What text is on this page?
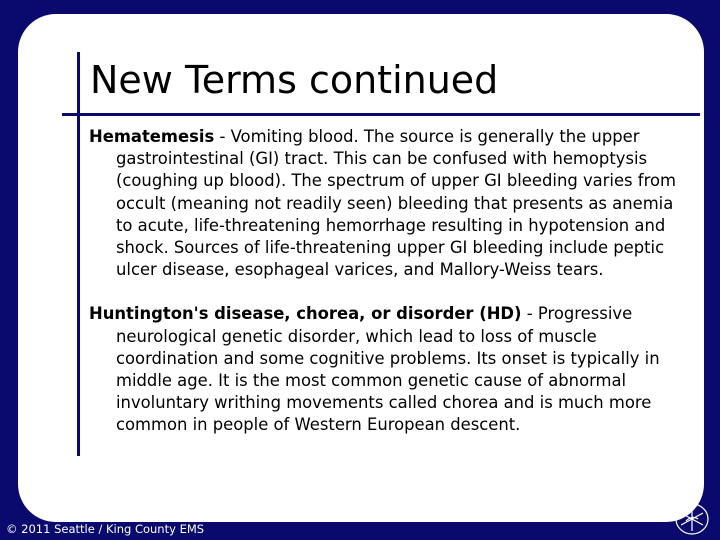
New Terms continued

Hematemesis - Vomiting blood. The source is generally the upper gastrointestinal (GI) tract. This can be confused with hemoptysis (coughing up blood). The spectrum of upper GI bleeding varies from occult (meaning not readily seen) bleeding that presents as anemia to acute, life-threatening hemorrhage resulting in hypotension and shock. Sources of life-threatening upper GI bleeding include peptic ulcer disease, esophageal varices, and Mallory-Weiss tears.

Huntington's disease, chorea, or disorder (HD) - Progressive neurological genetic disorder, which lead to loss of muscle coordination and some cognitive problems. Its onset is typically in middle age. It is the most common genetic cause of abnormal involuntary writhing movements called chorea and is much more common in people of Western European descent.

© 2011 Seattle / King County EMS
